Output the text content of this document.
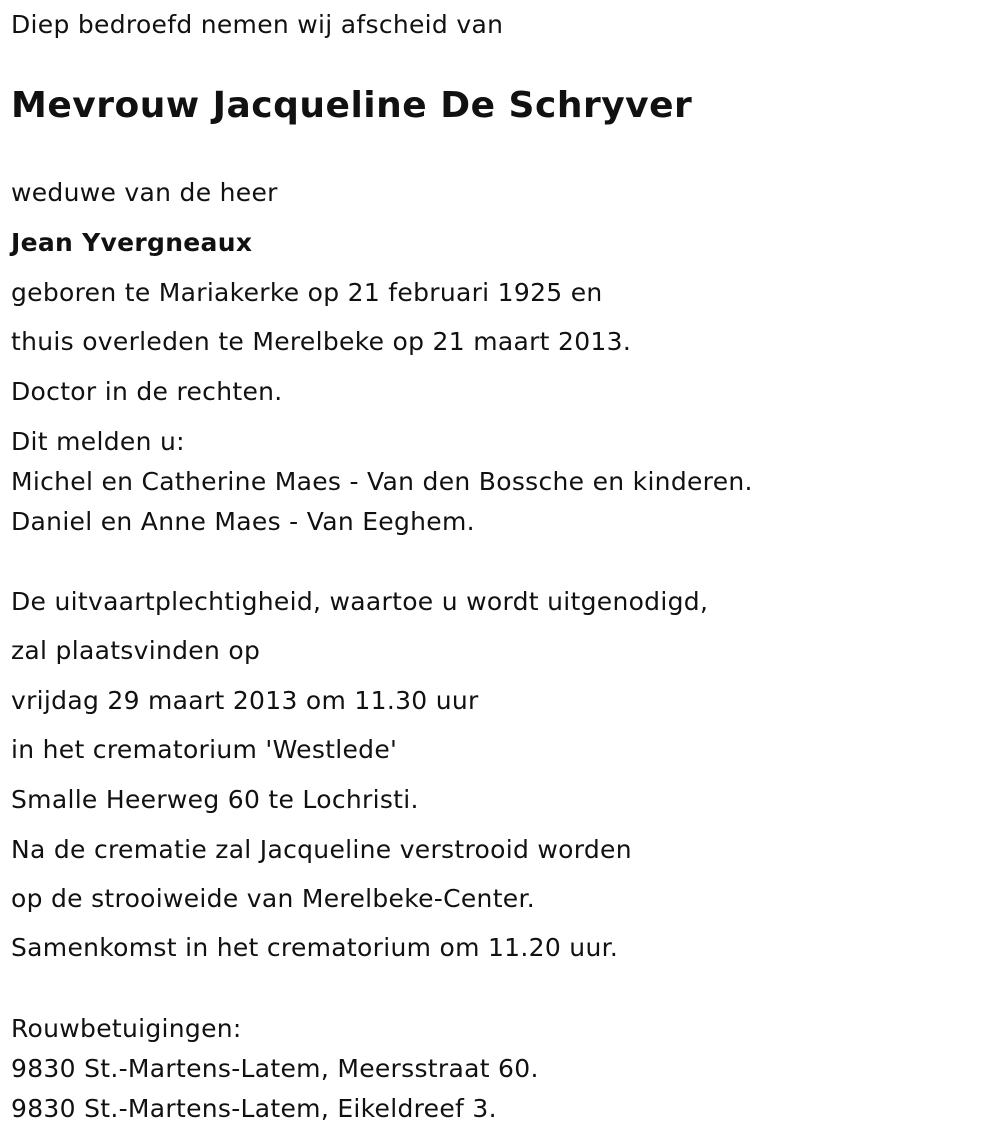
Diep bedroefd nemen wij afscheid van
Mevrouw Jacqueline De Schryver
weduwe van de heer
Jean Yvergneaux
geboren te Mariakerke op 21 februari 1925 en
thuis overleden te Merelbeke op 21 maart 2013.
Doctor in de rechten.
Dit melden u:
Michel en Catherine Maes - Van den Bossche en kinderen.
Daniel en Anne Maes - Van Eeghem.
De uitvaartplechtigheid, waartoe u wordt uitgenodigd,
zal plaatsvinden op
vrijdag 29 maart 2013 om 11.30 uur
in het crematorium 'Westlede'
Smalle Heerweg 60 te Lochristi.
Na de crematie zal Jacqueline verstrooid worden
op de strooiweide van Merelbeke-Center.
Samenkomst in het crematorium om 11.20 uur.
Rouwbetuigingen:
9830 St.-Martens-Latem, Meersstraat 60.
9830 St.-Martens-Latem, Eikeldreef 3.
